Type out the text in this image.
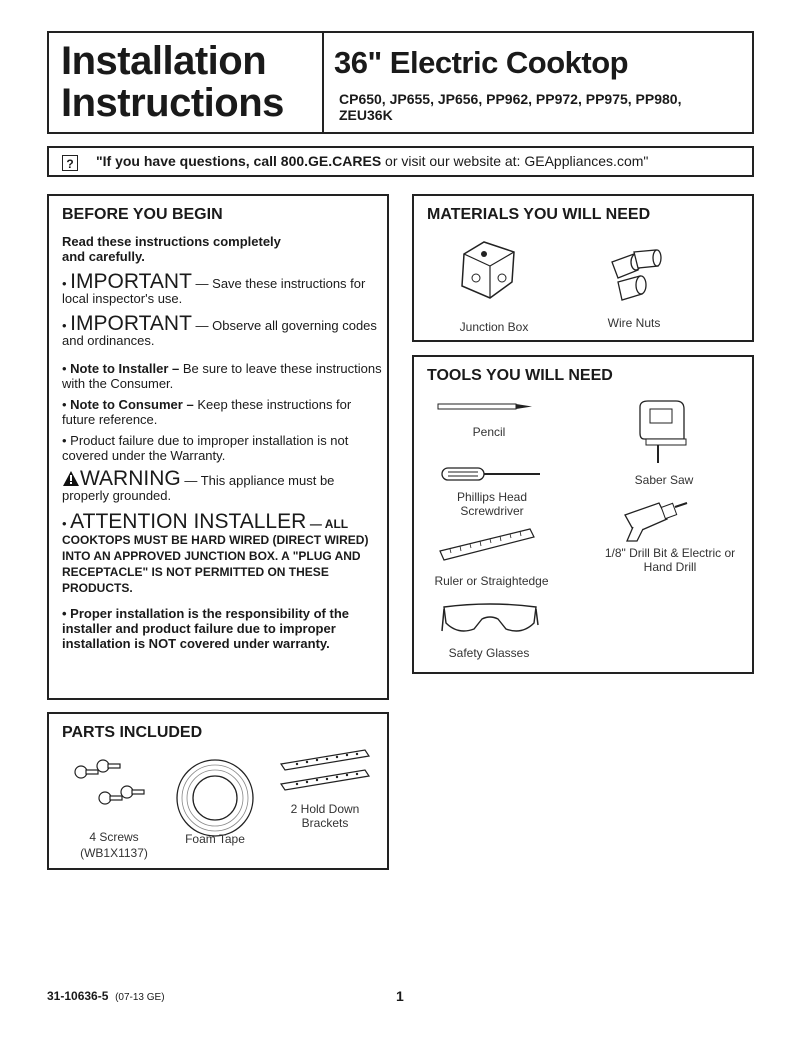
Installation
Instructions
36" Electric Cooktop
CP650, JP655, JP656, PP962, PP972, PP975, PP980, ZEU36K
?	"If you have questions, call 800.GE.CARES or visit our website at: GEAppliances.com"
BEFORE YOU BEGIN
Read these instructions completely and carefully.
• IMPORTANT — Save these instructions for local inspector's use.
• IMPORTANT — Observe all governing codes and ordinances.
• Note to Installer – Be sure to leave these instructions with the Consumer.
• Note to Consumer – Keep these instructions for future reference.
• Product failure due to improper installation is not covered under the Warranty.
WARNING — This appliance must be properly grounded.
• ATTENTION INSTALLER — ALL COOKTOPS MUST BE HARD WIRED (DIRECT WIRED) INTO AN APPROVED JUNCTION BOX. A "PLUG AND RECEPTACLE" IS NOT PERMITTED ON THESE PRODUCTS.
• Proper installation is the responsibility of the installer and product failure due to improper installation is NOT covered under warranty.
MATERIALS YOU WILL NEED
Junction Box	Wire Nuts
TOOLS YOU WILL NEED
Pencil
Phillips Head Screwdriver
Ruler or Straightedge
Safety Glasses
Saber Saw
1/8" Drill Bit & Electric or Hand Drill
PARTS INCLUDED
4 Screws
(WB1X1137)
Foam Tape
2 Hold Down Brackets
31-10636-5 (07-13 GE)	1
